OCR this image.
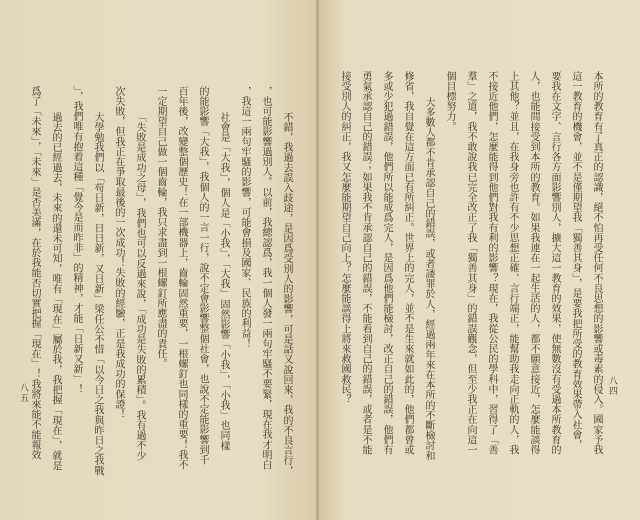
八四
八五	本所的教育有了真正的認識，絕不怕再受任何不良思想的影響或毒素的侵入。國家予我
這一教育的機會，並不是僅期望我「獨善其身」，是要我把所受的教育效果帶入社會，
要我在文字、言行各方面影響別人，擴大這一教育的效果，使無數沒有受過本所教育的
人，也能間接受到本所的教育。如果我連在一起生活的人，都不願意接近，怎麼能談得
上其他？並且，在我身旁也許有不少思想正確、言行端正，能幫助我走向正軌的人，我
不接近他們，怎麼能得到他們對我有利的影響？現在，我從公民的學科中，習得了「善
羣」之道，我不敢說我已完全改正了我「獨善其身」的錯誤觀念，但至少我正在向這一
個目標努力。
大多數人都不肯承認自己的錯誤，或者諉罪於人，經過兩年來在本所的不斷檢討和
修省，我自覺在這方面已有所糾正。世界上的完人，並不是生來就如此的，他們都曾或
多或少犯過錯誤，他們所以能成爲完人，是因爲他們能檢討，改正自己的錯誤，他們有
勇氣承認自己的錯誤；如果我不肯承認自己的錯誤，不能看到自己的錯誤，或者是不能
接受別人的糾正，我又怎麼能期望自己向上？怎麼能談得上將來救國救民？
不錯，我過去誤入歧途，是因爲受別人的影響，可是話又說回來，我的不良言行，
，也可能影響過別人。以前，我總認爲，我一個人發一兩句牢騷不要緊，現在我才明白
，我這一兩句牢騷的影響，可能會損及國家、民族的利益！
社會是「大我」，個人是「小我」，「大我」固然影響「小我」，「小我」也同樣
的能影響「大我」，我個人的一言一行，說不定會影響整個社會，也說不定能影響到千
百年後，改變整個歷史！在一部機器上，齒輪固然重要，一根螺釘也同樣的重要！我不
一定期望自己做一個齒輪，我只求盡到一根螺釘所應盡的責任。
「失敗是成功之母」，我們也可以反過來說，「成功是失敗的累積」。我有過不少
次失敗，但我正在爭取最後的一次成功！失敗的經驗，正是我成功的保證！
大學勉我們以「苟日新，日日新，又日新」梁任公不惜「以今日之我與昨日之我戰
」，我們唯有抱着這種「覺今是而昨非」的精神，才能「日新又新」！
過去的已經過去，未來的還未可知，唯有「現在」屬於我，我把握「現在」，就是
爲了「未來」，「未來」是否美滿，在於我能否切實把握「現在」！我將來能不能報效
